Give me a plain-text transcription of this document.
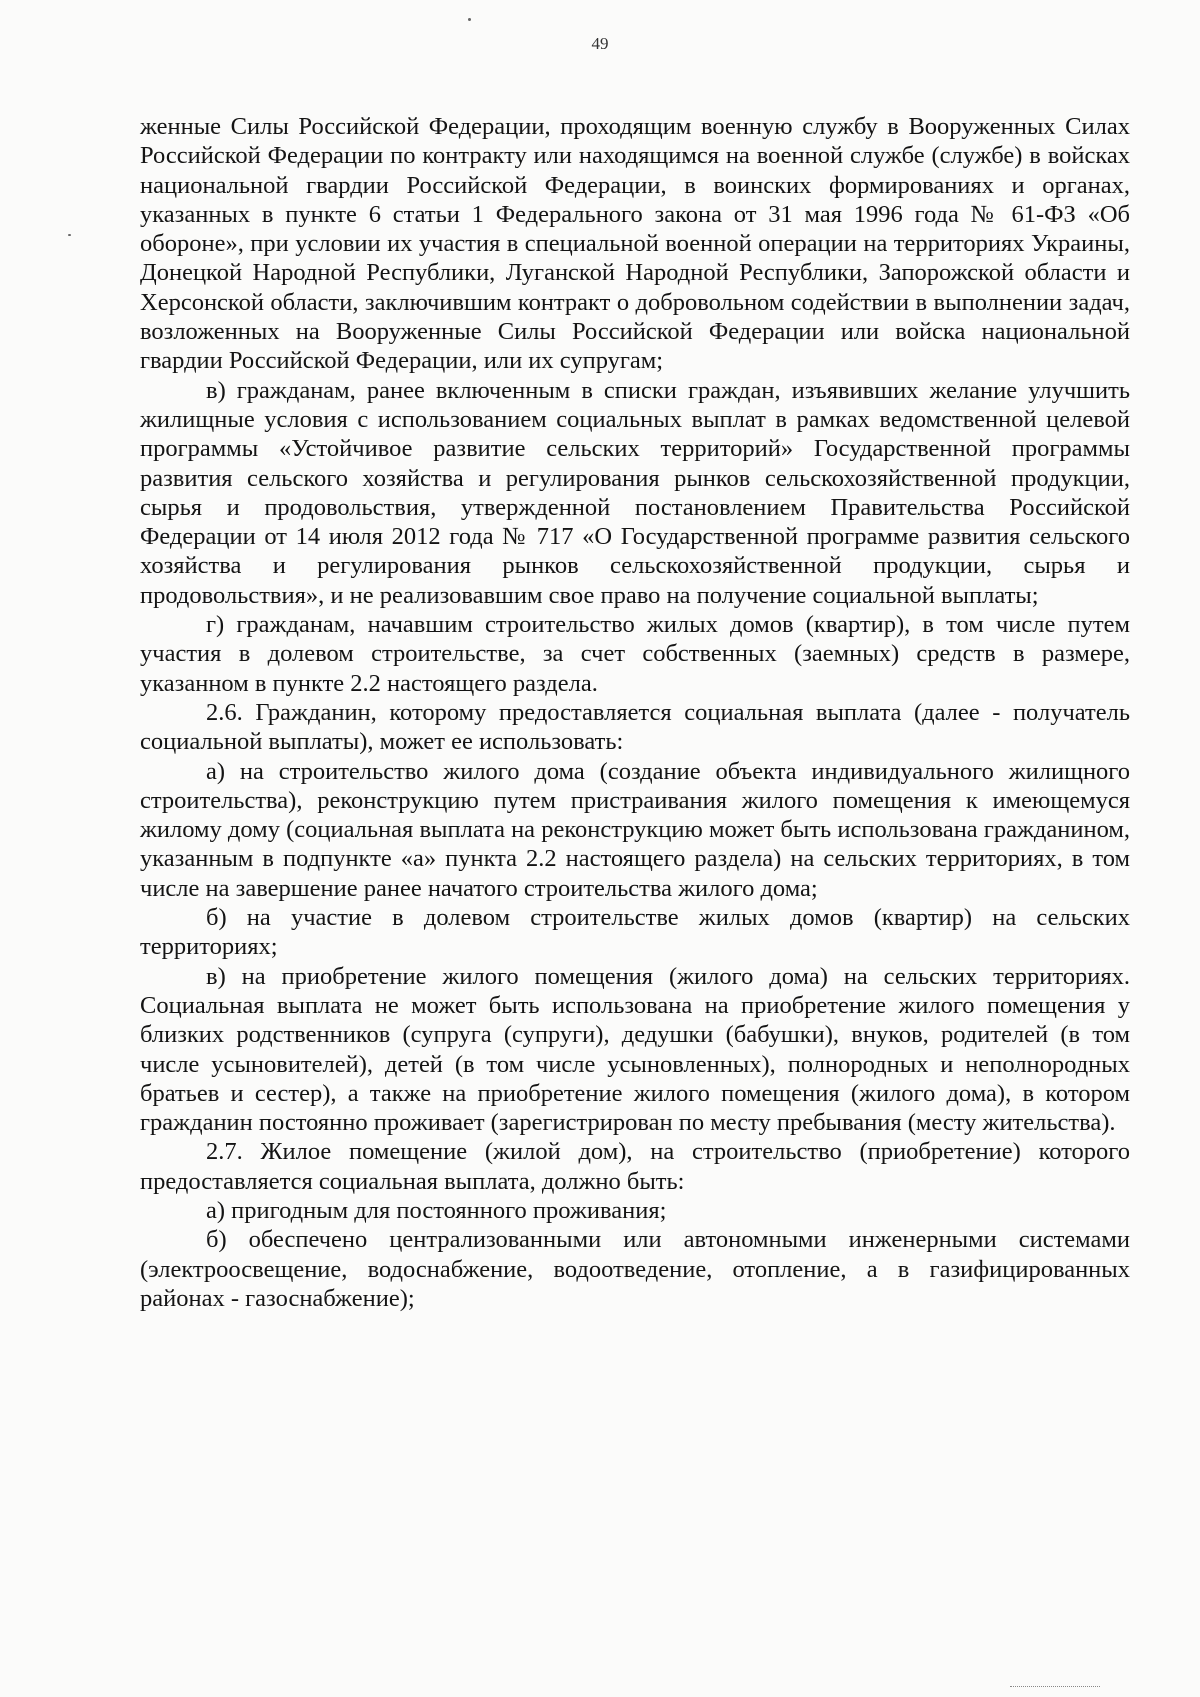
49

женные Силы Российской Федерации, проходящим военную службу в Вооруженных Силах Российской Федерации по контракту или находящимся на военной службе (службе) в войсках национальной гвардии Российской Федерации, в воинских формированиях и органах, указанных в пункте 6 статьи 1 Федерального закона от 31 мая 1996 года № 61-ФЗ «Об обороне», при условии их участия в специальной военной операции на территориях Украины, Донецкой Народной Республики, Луганской Народной Республики, Запорожской области и Херсонской области, заключившим контракт о добровольном содействии в выполнении задач, возложенных на Вооруженные Силы Российской Федерации или войска национальной гвардии Российской Федерации, или их супругам;

в) гражданам, ранее включенным в списки граждан, изъявивших желание улучшить жилищные условия с использованием социальных выплат в рамках ведомственной целевой программы «Устойчивое развитие сельских территорий» Государственной программы развития сельского хозяйства и регулирования рынков сельскохозяйственной продукции, сырья и продовольствия, утвержденной постановлением Правительства Российской Федерации от 14 июля 2012 года № 717 «О Государственной программе развития сельского хозяйства и регулирования рынков сельскохозяйственной продукции, сырья и продовольствия», и не реализовавшим свое право на получение социальной выплаты;

г) гражданам, начавшим строительство жилых домов (квартир), в том числе путем участия в долевом строительстве, за счет собственных (заемных) средств в размере, указанном в пункте 2.2 настоящего раздела.

2.6. Гражданин, которому предоставляется социальная выплата (далее - получатель социальной выплаты), может ее использовать:

а) на строительство жилого дома (создание объекта индивидуального жилищного строительства), реконструкцию путем пристраивания жилого помещения к имеющемуся жилому дому (социальная выплата на реконструкцию может быть использована гражданином, указанным в подпункте «а» пункта 2.2 настоящего раздела) на сельских территориях, в том числе на завершение ранее начатого строительства жилого дома;

б) на участие в долевом строительстве жилых домов (квартир) на сельских территориях;

в) на приобретение жилого помещения (жилого дома) на сельских территориях. Социальная выплата не может быть использована на приобретение жилого помещения у близких родственников (супруга (супруги), дедушки (бабушки), внуков, родителей (в том числе усыновителей), детей (в том числе усыновленных), полнородных и неполнородных братьев и сестер), а также на приобретение жилого помещения (жилого дома), в котором гражданин постоянно проживает (зарегистрирован по месту пребывания (месту жительства).

2.7. Жилое помещение (жилой дом), на строительство (приобретение) которого предоставляется социальная выплата, должно быть:

а) пригодным для постоянного проживания;

б) обеспечено централизованными или автономными инженерными системами (электроосвещение, водоснабжение, водоотведение, отопление, а в газифицированных районах - газоснабжение);
